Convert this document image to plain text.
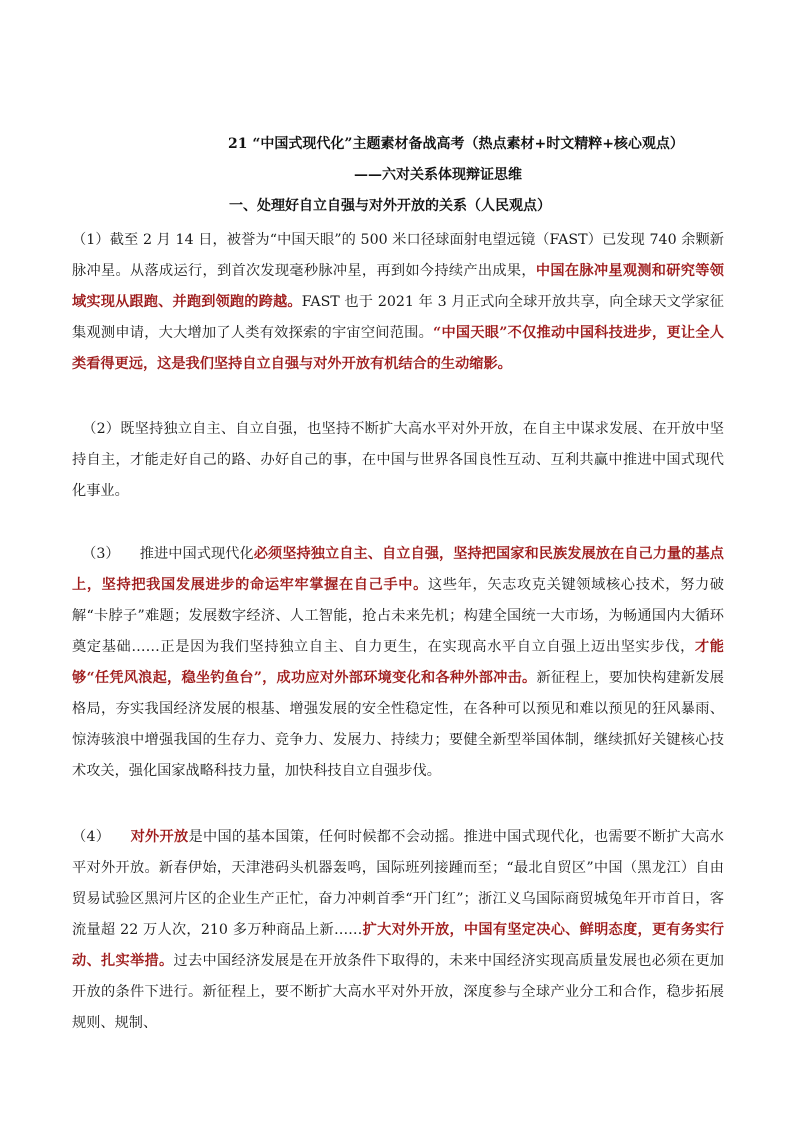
21 “中国式现代化”主题素材备战高考（热点素材+时文精粹+核心观点）
——六对关系体现辩证思维
一、处理好自立自强与对外开放的关系（人民观点）
（1）截至 2 月 14 日，被誉为“中国天眼”的 500 米口径球面射电望远镜（FAST）已发现 740 余颗新脉冲星。从落成运行，到首次发现毫秒脉冲星，再到如今持续产出成果，中国在脉冲星观测和研究等领域实现从跟跑、并跑到领跑的跨越。FAST 也于 2021 年 3 月正式向全球开放共享，向全球天文学家征集观测申请，大大增加了人类有效探索的宇宙空间范围。“中国天眼”不仅推动中国科技进步，更让全人类看得更远，这是我们坚持自立自强与对外开放有机结合的生动缩影。
（2）既坚持独立自主、自立自强，也坚持不断扩大高水平对外开放，在自主中谋求发展、在开放中坚持自主，才能走好自己的路、办好自己的事，在中国与世界各国良性互动、互利共赢中推进中国式现代化事业。
（3） 推进中国式现代化必须坚持独立自主、自立自强，坚持把国家和民族发展放在自己力量的基点上，坚持把我国发展进步的命运牢牢掌握在自己手中。这些年，矢志攻克关键领域核心技术，努力破解“卡脖子”难题；发展数字经济、人工智能，抢占未来先机；构建全国统一大市场，为畅通国内大循环奠定基础……正是因为我们坚持独立自主、自力更生，在实现高水平自立自强上迈出坚实步伐，才能够“任凭风浪起，稳坐钓鱼台”，成功应对外部环境变化和各种外部冲击。新征程上，要加快构建新发展格局，夯实我国经济发展的根基、增强发展的安全性稳定性，在各种可以预见和难以预见的狂风暴雨、惊涛骇浪中增强我国的生存力、竞争力、发展力、持续力；要健全新型举国体制，继续抓好关键核心技术攻关，强化国家战略科技力量，加快科技自立自强步伐。
（4） 对外开放是中国的基本国策，任何时候都不会动摇。推进中国式现代化，也需要不断扩大高水平对外开放。新春伊始，天津港码头机器轰鸣，国际班列接踵而至；“最北自贸区”中国（黑龙江）自由贸易试验区黑河片区的企业生产正忙，奋力冲刺首季“开门红”；浙江义乌国际商贸城兔年开市首日，客流量超 22 万人次，210 多万种商品上新……扩大对外开放，中国有坚定决心、鲜明态度，更有务实行动、扎实举措。过去中国经济发展是在开放条件下取得的，未来中国经济实现高质量发展也必须在更加开放的条件下进行。新征程上，要不断扩大高水平对外开放，深度参与全球产业分工和合作，稳步拓展规则、规制、
